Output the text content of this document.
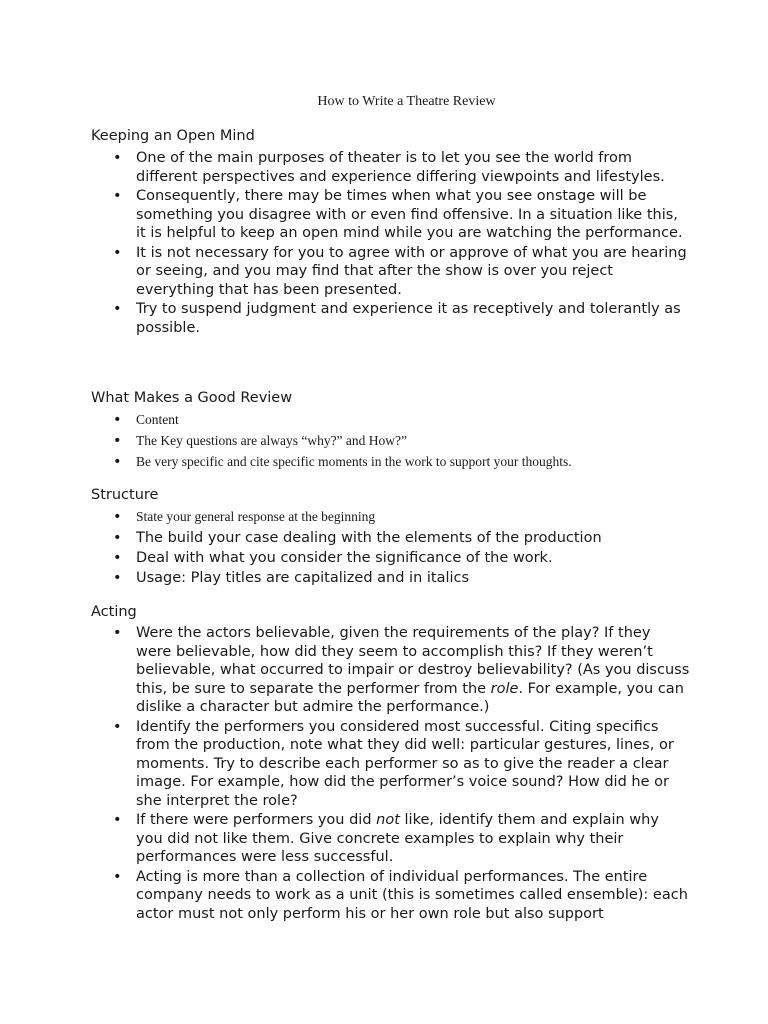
How to Write a Theatre Review
Keeping an Open Mind
• One of the main purposes of theater is to let you see the world from different perspectives and experience differing viewpoints and lifestyles.
• Consequently, there may be times when what you see onstage will be something you disagree with or even find offensive. In a situation like this, it is helpful to keep an open mind while you are watching the performance.
• It is not necessary for you to agree with or approve of what you are hearing or seeing, and you may find that after the show is over you reject everything that has been presented.
• Try to suspend judgment and experience it as receptively and tolerantly as possible.
What Makes a Good Review
• Content
• The Key questions are always “why?” and How?”
• Be very specific and cite specific moments in the work to support your thoughts.
Structure
• State your general response at the beginning
• The build your case dealing with the elements of the production
• Deal with what you consider the significance of the work.
• Usage: Play titles are capitalized and in italics
Acting
• Were the actors believable, given the requirements of the play? If they were believable, how did they seem to accomplish this? If they weren’t believable, what occurred to impair or destroy believability? (As you discuss this, be sure to separate the performer from the role. For example, you can dislike a character but admire the performance.)
• Identify the performers you considered most successful. Citing specifics from the production, note what they did well: particular gestures, lines, or moments. Try to describe each performer so as to give the reader a clear image. For example, how did the performer’s voice sound? How did he or she interpret the role?
• If there were performers you did not like, identify them and explain why you did not like them. Give concrete examples to explain why their performances were less successful.
• Acting is more than a collection of individual performances. The entire company needs to work as a unit (this is sometimes called ensemble): each actor must not only perform his or her own role but also support
